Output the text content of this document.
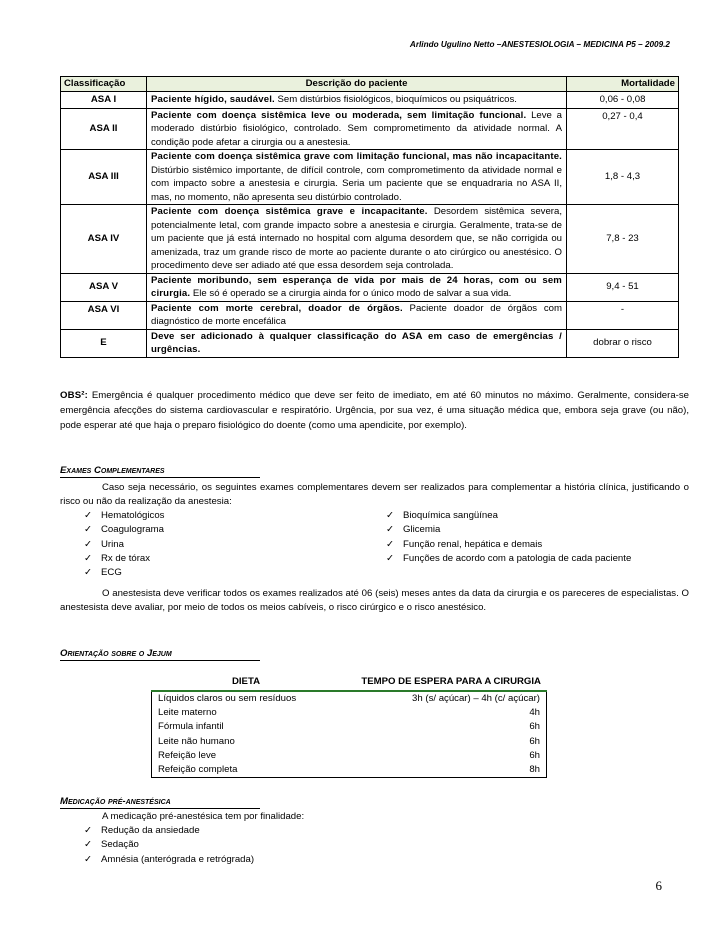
Arlindo Ugulino Netto –ANESTESIOLOGIA – MEDICINA P5 – 2009.2
Classificação	Descrição do paciente	Mortalidade
ASA I	Paciente hígido, saudável. Sem distúrbios fisiológicos, bioquímicos ou psiquátricos.	0,06 - 0,08
ASA II	Paciente com doença sistêmica leve ou moderada, sem limitação funcional. Leve a moderado distúrbio fisiológico, controlado. Sem comprometimento da atividade normal. A condição pode afetar a cirurgia ou a anestesia.	0,27 - 0,4
ASA III	Paciente com doença sistêmica grave com limitação funcional, mas não incapacitante. Distúrbio sistêmico importante, de difícil controle, com comprometimento da atividade normal e com impacto sobre a anestesia e cirurgia. Seria um paciente que se enquadraria no ASA II, mas, no momento, não apresenta seu distúrbio controlado.	1,8 - 4,3
ASA IV	Paciente com doença sistêmica grave e incapacitante. Desordem sistêmica severa, potencialmente letal, com grande impacto sobre a anestesia e cirurgia. Geralmente, trata-se de um paciente que já está internado no hospital com alguma desordem que, se não corrigida ou amenizada, traz um grande risco de morte ao paciente durante o ato cirúrgico ou anestésico. O procedimento deve ser adiado até que essa desordem seja controlada.	7,8 - 23
ASA V	Paciente moribundo, sem esperança de vida por mais de 24 horas, com ou sem cirurgia. Ele só é operado se a cirurgia ainda for o único modo de salvar a sua vida.	9,4 - 51
ASA VI	Paciente com morte cerebral, doador de órgãos. Paciente doador de órgãos com diagnóstico de morte encefálica	-
E	Deve ser adicionado à qualquer classificação do ASA em caso de emergências / urgências.	dobrar o risco
OBS²: Emergência é qualquer procedimento médico que deve ser feito de imediato, em até 60 minutos no máximo. Geralmente, considera-se emergência afecções do sistema cardiovascular e respiratório. Urgência, por sua vez, é uma situação médica que, embora seja grave (ou não), pode esperar até que haja o preparo fisiológico do doente (como uma apendicite, por exemplo).
Exames Complementares
Caso seja necessário, os seguintes exames complementares devem ser realizados para complementar a história clínica, justificando o risco ou não da realização da anestesia:
✓ Hematológicos
✓ Coagulograma
✓ Urina
✓ Rx de tórax
✓ ECG
✓ Bioquímica sangüínea
✓ Glicemia
✓ Função renal, hepática e demais
✓ Funções de acordo com a patologia de cada paciente
O anestesista deve verificar todos os exames realizados até 06 (seis) meses antes da data da cirurgia e os pareceres de especialistas. O anestesista deve avaliar, por meio de todos os meios cabíveis, o risco cirúrgico e o risco anestésico.
Orientação sobre o Jejum
DIETA	TEMPO DE ESPERA PARA A CIRURGIA
Líquidos claros ou sem resíduos	3h (s/ açúcar) – 4h (c/ açúcar)
Leite materno	4h
Fórmula infantil	6h
Leite não humano	6h
Refeição leve	6h
Refeição completa	8h
Medicação pré-anestésica
A medicação pré-anestésica tem por finalidade:
✓ Redução da ansiedade
✓ Sedação
✓ Amnésia (anterógrada e retrógrada)
6
